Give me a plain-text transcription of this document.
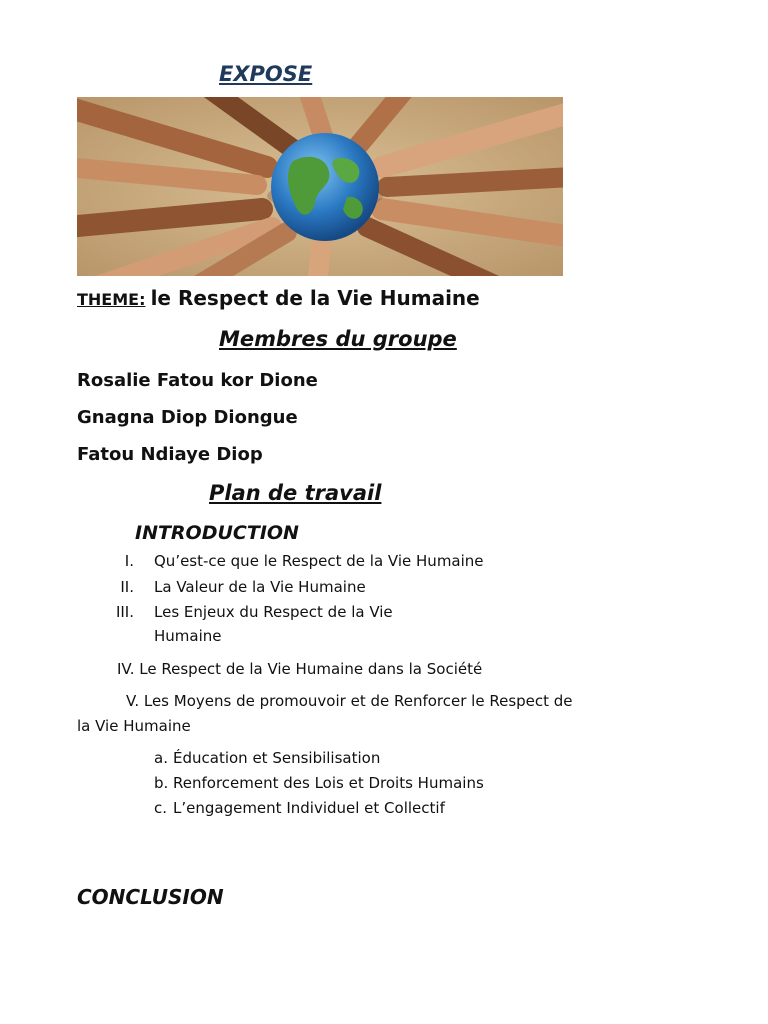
EXPOSE
THEME: le Respect de la Vie Humaine
Membres du groupe
Rosalie Fatou kor Dione
Gnagna Diop Diongue
Fatou Ndiaye Diop
Plan de travail
INTRODUCTION
I. Qu’est-ce que le Respect de la Vie Humaine
II. La Valeur de la Vie Humaine
III. Les Enjeux du Respect de la Vie
Humaine
IV. Le Respect de la Vie Humaine dans la Société
V. Les Moyens de promouvoir et de Renforcer le Respect de
la Vie Humaine
a. Éducation et Sensibilisation
b. Renforcement des Lois et Droits Humains
c. L’engagement Individuel et Collectif
CONCLUSION
